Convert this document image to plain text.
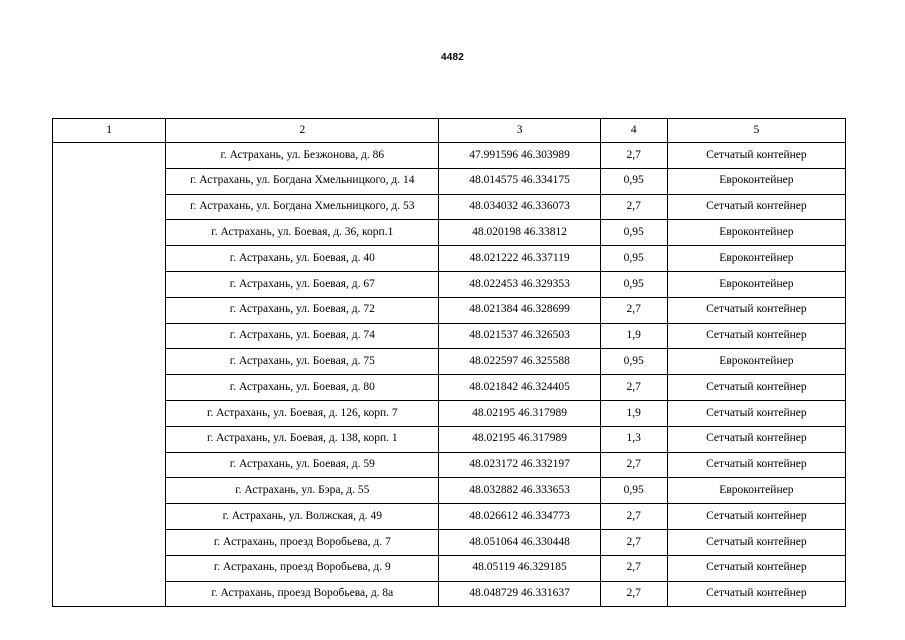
4482
1	2	3	4	5
	г. Астрахань, ул. Безжонова, д. 86	47.991596 46.303989	2,7	Сетчатый контейнер
	г. Астрахань, ул. Богдана Хмельницкого, д. 14	48.014575 46.334175	0,95	Евроконтейнер
	г. Астрахань, ул. Богдана Хмельницкого, д. 53	48.034032 46.336073	2,7	Сетчатый контейнер
	г. Астрахань, ул. Боевая, д. 36, корп.1	48.020198 46.33812	0,95	Евроконтейнер
	г. Астрахань, ул. Боевая, д. 40	48.021222 46.337119	0,95	Евроконтейнер
	г. Астрахань, ул. Боевая, д. 67	48.022453 46.329353	0,95	Евроконтейнер
	г. Астрахань, ул. Боевая, д. 72	48.021384 46.328699	2,7	Сетчатый контейнер
	г. Астрахань, ул. Боевая, д. 74	48.021537 46.326503	1,9	Сетчатый контейнер
	г. Астрахань, ул. Боевая, д. 75	48.022597 46.325588	0,95	Евроконтейнер
	г. Астрахань, ул. Боевая, д. 80	48.021842 46.324405	2,7	Сетчатый контейнер
	г. Астрахань, ул. Боевая, д. 126, корп. 7	48.02195 46.317989	1,9	Сетчатый контейнер
	г. Астрахань, ул. Боевая, д. 138, корп. 1	48.02195 46.317989	1,3	Сетчатый контейнер
	г. Астрахань, ул. Боевая, д. 59	48.023172 46.332197	2,7	Сетчатый контейнер
	г. Астрахань, ул. Бэра, д. 55	48.032882 46.333653	0,95	Евроконтейнер
	г. Астрахань, ул. Волжская, д. 49	48.026612 46.334773	2,7	Сетчатый контейнер
	г. Астрахань, проезд Воробьева, д. 7	48.051064 46.330448	2,7	Сетчатый контейнер
	г. Астрахань, проезд Воробьева, д. 9	48.05119 46.329185	2,7	Сетчатый контейнер
	г. Астрахань, проезд Воробьева, д. 8а	48.048729 46.331637	2,7	Сетчатый контейнер
